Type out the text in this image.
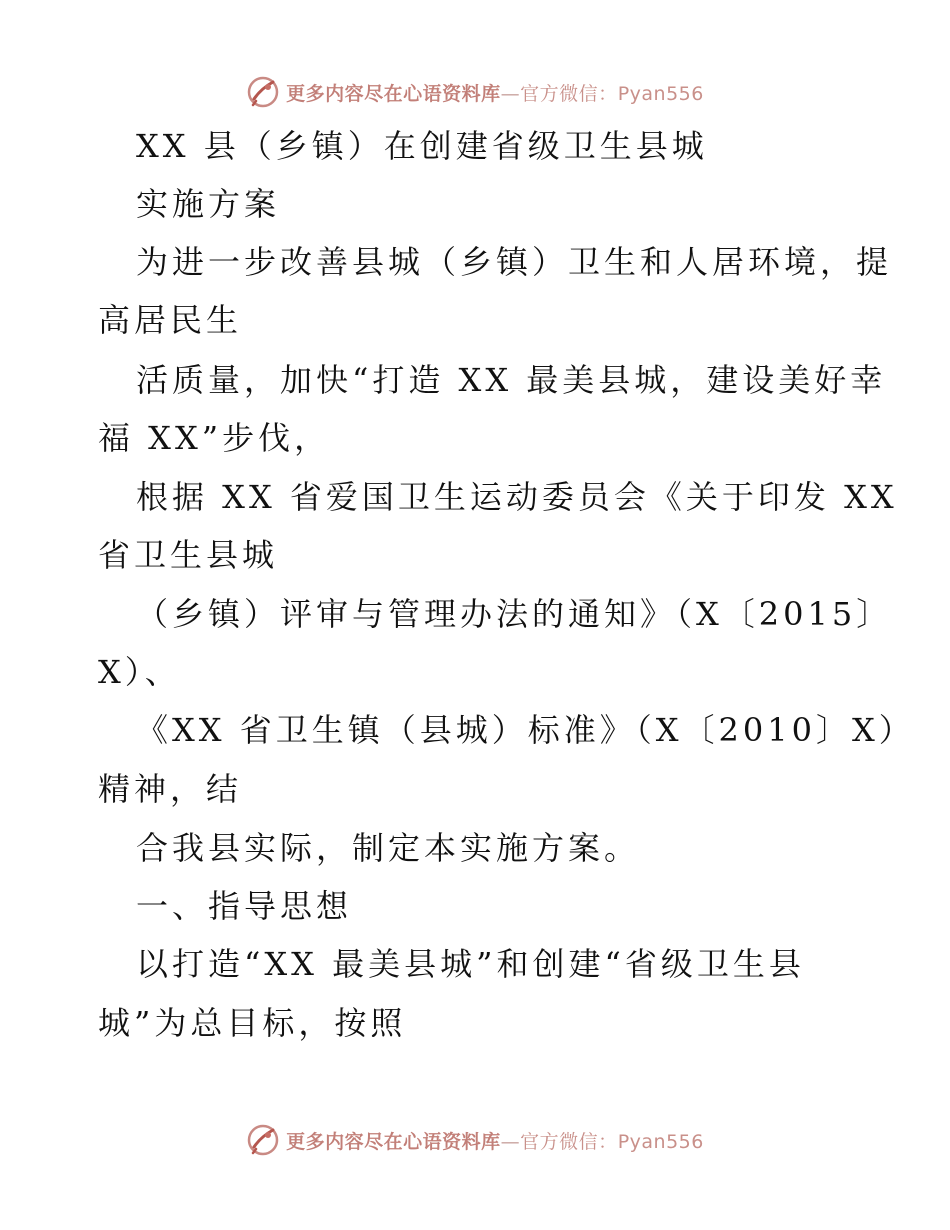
更多内容尽在心语资料库—官方微信：Pyan556
XX 县（乡镇）在创建省级卫生县城
实施方案
为进一步改善县城（乡镇）卫生和人居环境，提
高居民生
活质量，加快“打造 XX 最美县城，建设美好幸
福 XX”步伐，
根据 XX 省爱国卫生运动委员会《关于印发 XX
省卫生县城
（乡镇）评审与管理办法的通知》（X〔2015〕
X）、
《XX 省卫生镇（县城）标准》（X〔2010〕X）
精神，结
合我县实际，制定本实施方案。
一、指导思想
以打造“XX 最美县城”和创建“省级卫生县
城”为总目标，按照
更多内容尽在心语资料库—官方微信：Pyan556
